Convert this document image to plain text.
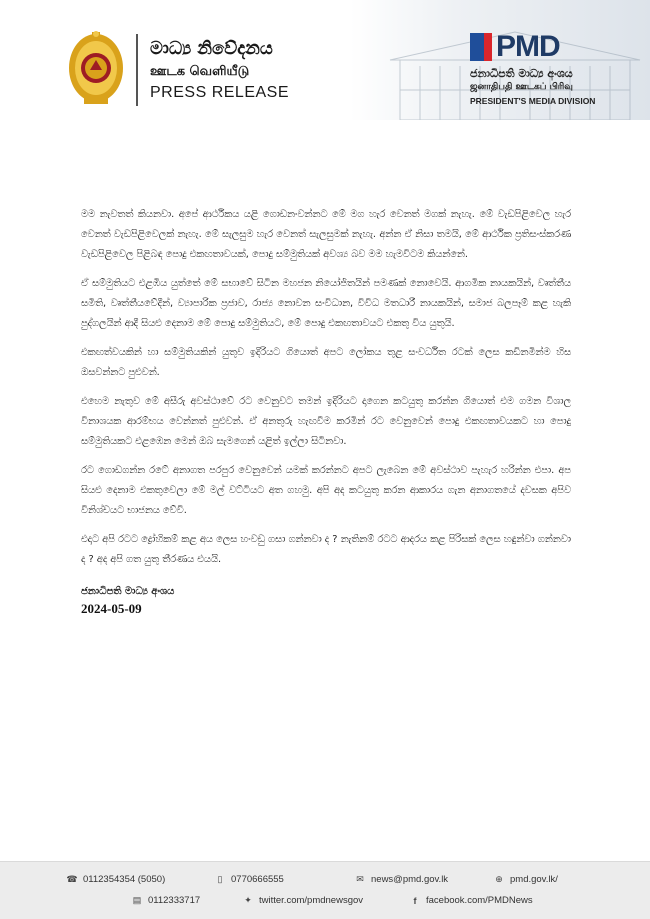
මාධ්‍ය නිවේදනය
ஊடக வெளியீடு
PRESS RELEASE
PMD
ජනාධිපති මාධ්‍ය අංශය
ஜனாதிபதி ஊடகப் பிரிவு
PRESIDENT'S MEDIA DIVISION

මම නැවතත් කියනවා. අපේ ආර්ථිකය යළි ගොඩනංවන්නට මේ මග හැර වෙනත් මගක් නැහැ. මේ වැඩපිළිවෙල හැර වෙනත් වැඩපිළිවෙලක් නැහැ. මේ සැලසුම හැර වෙනත් සැලසුමක් නැහැ. අන්න ඒ නිසා තමයි, මේ ආර්ථික ප්‍රතිසංස්කරණ වැඩපිළිවෙල පිළිබඳ පොදු එකඟතාවයක්, පොදු සම්මුතියක් අවශ්‍ය බව මම හැමවිටම කියන්නේ.

ඒ සම්මුතියට එළඹිය යුත්තේ මේ සභාවේ සිටින මහජන නියෝජිතයින් පමණක් නොවෙයි. ආගමික නායකයින්, වෘත්තීය සමිති, වෘත්තීයවේදීන්, ව්‍යාපාරික ප්‍රජාව, රාජ්‍ය නොවන සංවිධාන, විවිධ මතධාරී නායකයින්, සමාජ බලපෑම් කළ හැකි පුද්ගලයින් ආදී සියළු දෙනාම මේ පොදු සම්මුතියට, මේ පොදු එකඟතාවයට එකතු විය යුතුයි.

එකඟත්වයකින් හා සම්මුතියකින් යුතුව ඉදිරියට ගියොත් අපට ලෝකය තුළ සංවර්ධිත රටක් ලෙස කඩිනමින්ම හිස ඔසවන්නට පුළුවන්.

එහෙම නැතුව මේ අසීරු අවස්ථාවේ රට වෙනුවට තමන් ඉදිරියට දාගෙන කටයුතු කරන්න ගියොත් එම ගමන විශාල විනාශයක ආරම්භය වෙන්නත් පුළුවන්. ඒ අනතුරු හැඟවීම කරමින් රට වෙනුවෙන් පොදු එකඟතාවයකට හා පොදු සම්මුතියකට එළඹෙන මෙන් ඔබ සැමගෙන් යළිත් ඉල්ලා සිටිනවා.

රට ගොඩගන්න රටේ අනාගත පරපුර වෙනුවෙන් යමක් කරන්නට අපට ලැබෙන මේ අවස්ථාව පැහැර හරින්න එපා. අප සියළු දෙනාම එකතුවෙලා මේ මල් වට්ටියට අත ගහමු. අපි අද කටයුතු කරන ආකාරය ගැන අනාගතයේ දවසක අපිව විනිශ්චයට භාජනය වේවි.

එදාට අපි රටට ද්‍රෝහිකම් කළ අය ලෙස හංවඩු ගසා ගන්නවා ද ? නැතිනම් රටට ආදරය කළ පිරිසක් ලෙස හඳුන්වා ගන්නවා ද ? අද අපි ගත යුතු තීරණය එයයි.

ජනාධිපති මාධ්‍ය අංශය
2024-05-09
☎ 0112354354 (5050)	▯ 0770666555	✉ news@pmd.gov.lk	⊕ pmd.gov.lk/
▤ 0112333717	✦ twitter.com/pmdnewsgov	f	facebook.com/PMDNews
